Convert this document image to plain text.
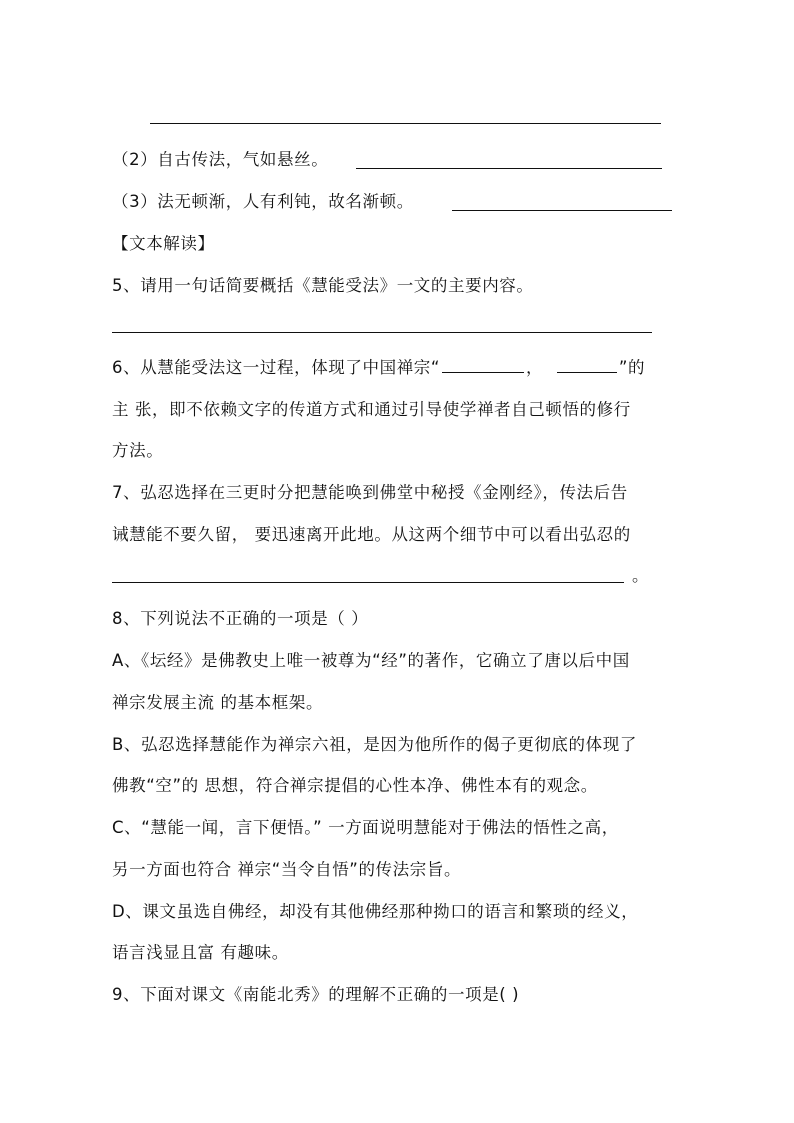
（2）自古传法，气如悬丝。
（3）法无顿渐，人有利钝，故名渐顿。
【文本解读】
5、请用一句话简要概括《慧能受法》一文的主要内容。
6、从慧能受法这一过程，体现了中国禅宗“	，	”的
主 张，即不依赖文字的传道方式和通过引导使学禅者自己顿悟的修行
方法。
7、弘忍选择在三更时分把慧能唤到佛堂中秘授《金刚经》，传法后告
诫慧能不要久留， 要迅速离开此地。从这两个细节中可以看出弘忍的
。
8、下列说法不正确的一项是（ ）
A、《坛经》是佛教史上唯一被尊为“经”的著作，它确立了唐以后中国
禅宗发展主流 的基本框架。
B、弘忍选择慧能作为禅宗六祖，是因为他所作的偈子更彻底的体现了
佛教“空”的 思想，符合禅宗提倡的心性本净、佛性本有的观念。
C、“慧能一闻，言下便悟。” 一方面说明慧能对于佛法的悟性之高，
另一方面也符合 禅宗“当令自悟”的传法宗旨。
D、课文虽选自佛经，却没有其他佛经那种拗口的语言和繁琐的经义，
语言浅显且富 有趣味。
9、下面对课文《南能北秀》的理解不正确的一项是( )
